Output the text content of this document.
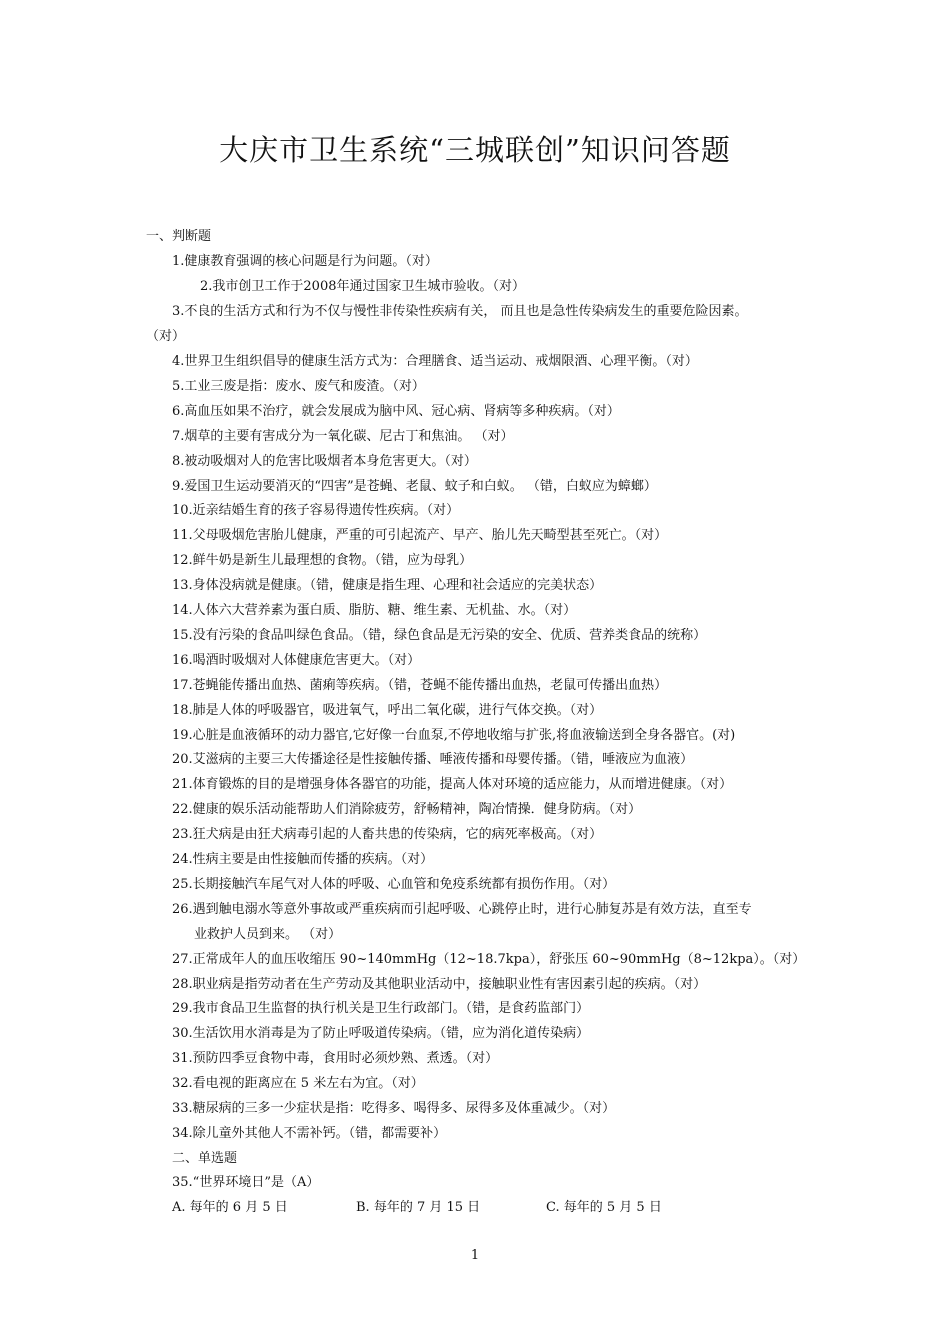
大庆市卫生系统“三城联创”知识问答题
一、判断题
1.健康教育强调的核心问题是行为问题。（对）
2.我市创卫工作于2008年通过国家卫生城市验收。（对）
3.不良的生活方式和行为不仅与慢性非传染性疾病有关， 而且也是急性传染病发生的重要危险因素。
（对）
4.世界卫生组织倡导的健康生活方式为：合理膳食、适当运动、戒烟限酒、心理平衡。（对）
5.工业三废是指：废水、废气和废渣。（对）
6.高血压如果不治疗，就会发展成为脑中风、冠心病、肾病等多种疾病。（对）
7.烟草的主要有害成分为一氧化碳、尼古丁和焦油。 （对）
8.被动吸烟对人的危害比吸烟者本身危害更大。（对）
9.爱国卫生运动要消灭的“四害”是苍蝇、老鼠、蚊子和白蚁。 （错，白蚁应为蟑螂）
10.近亲结婚生育的孩子容易得遗传性疾病。（对）
11.父母吸烟危害胎儿健康，严重的可引起流产、早产、胎儿先天畸型甚至死亡。（对）
12.鲜牛奶是新生儿最理想的食物。（错，应为母乳）
13.身体没病就是健康。（错，健康是指生理、心理和社会适应的完美状态）
14.人体六大营养素为蛋白质、脂肪、糖、维生素、无机盐、水。（对）
15.没有污染的食品叫绿色食品。（错，绿色食品是无污染的安全、优质、营养类食品的统称）
16.喝酒时吸烟对人体健康危害更大。（对）
17.苍蝇能传播出血热、菌痢等疾病。（错，苍蝇不能传播出血热，老鼠可传播出血热）
18.肺是人体的呼吸器官，吸进氧气，呼出二氧化碳，进行气体交换。（对）
19.心脏是血液循环的动力器官,它好像一台血泵,不停地收缩与扩张,将血液输送到全身各器官。(对)
20.艾滋病的主要三大传播途径是性接触传播、唾液传播和母婴传播。（错，唾液应为血液）
21.体育锻炼的目的是增强身体各器官的功能，提高人体对环境的适应能力，从而增进健康。（对）
22.健康的娱乐活动能帮助人们消除疲劳，舒畅精神，陶冶情操．健身防病。（对）
23.狂犬病是由狂犬病毒引起的人畜共患的传染病，它的病死率极高。（对）
24.性病主要是由性接触而传播的疾病。（对）
25.长期接触汽车尾气对人体的呼吸、心血管和免疫系统都有损伤作用。（对）
26.遇到触电溺水等意外事故或严重疾病而引起呼吸、心跳停止时，进行心肺复苏是有效方法，直至专
业救护人员到来。 （对）
27.正常成年人的血压收缩压 90~140mmHg（12~18.7kpa），舒张压 60~90mmHg（8~12kpa）。（对）
28.职业病是指劳动者在生产劳动及其他职业活动中，接触职业性有害因素引起的疾病。（对）
29.我市食品卫生监督的执行机关是卫生行政部门。（错，是食药监部门）
30.生活饮用水消毒是为了防止呼吸道传染病。（错，应为消化道传染病）
31.预防四季豆食物中毒，食用时必须炒熟、煮透。（对）
32.看电视的距离应在 5 米左右为宜。（对）
33.糖尿病的三多一少症状是指：吃得多、喝得多、尿得多及体重减少。（对）
34.除儿童外其他人不需补钙。（错，都需要补）
二、单选题
35.“世界环境日”是（A）
A. 每年的 6 月 5 日	B. 每年的 7 月 15 日	C. 每年的 5 月 5 日
1
